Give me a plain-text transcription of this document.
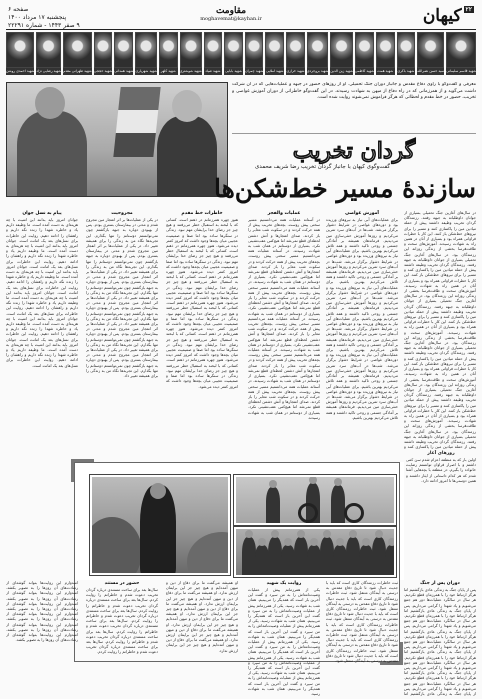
۲۲کیهان
مقاومت
moghavemat@kayhan.ir
صفحه ۶
پنجشنبه ۱۷ مرداد ۱۴۰۰
۹ صفر ۱۴۴۳ - شماره ۲۲۲۹۱
شهید قاسم سلیمانی
سید حسن نصرالله
شهید باکری
شهید همت
شهید کاظمی
شهید زین الدین
شهید بروجردی
شهید خرازی
شهید املایی
شهید چمران
شهید بابایی
شهید صیاد
شهید شوشتری
شهید کلهر
شهید شهریاری
شهید همدانی
شهید حججی
شهید طهرانی مقدم
شهید رضایی نژاد
شهید احمدی روشن
معرفی و گفت‌وگو با راوی دفاع مقدس و جانباز دوران جنگ تحمیلی. او از روزهای حضور در جبهه و عملیات‌هایی که در آن شرکت داشت می‌گوید و از همرزمانی که در راه دفاع از میهن به شهادت رسیدند. در این گفت‌وگو خاطراتی از دوران آموزش غواصی و تخریب، حضور در خط مقدم و لحظاتی که هرگز فراموش نمی‌شوند روایت شده است.
گردان تخریب
گفت‌وگوی کیهان با جانباز گردان تخریب رضا شریف محمدی
سازندهٔ مسیر خط‌شکن‌ها
در سال‌های آغازین جنگ تحمیلی بسیاری از جوانان داوطلبانه به جبهه رفتند. رزمندگان گردان تخریب وظیفه داشتند پیش از حمله میادین مین را پاکسازی کنند و مسیر را برای نیروهای خط‌شکن باز کنند. این کار با خطرات فراوانی همراه بود و بسیاری از آنان در همین راه به شهادت رسیدند. آموزش‌های سخت و طاقت‌فرسا بخشی از زندگی روزانه این رزمندگان بود. در سال‌های آغازین جنگ تحمیلی بسیاری از جوانان داوطلبانه به جبهه رفتند. رزمندگان گردان تخریب وظیفه داشتند پیش از حمله میادین مین را پاکسازی کنند و مسیر را برای نیروهای خط‌شکن باز کنند. این کار با خطرات فراوانی همراه بود و بسیاری از آنان در همین راه به شهادت رسیدند. آموزش‌های سخت و طاقت‌فرسا بخشی از زندگی روزانه این رزمندگان بود. در سال‌های آغازین جنگ تحمیلی بسیاری از جوانان داوطلبانه به جبهه رفتند. رزمندگان گردان تخریب وظیفه داشتند پیش از حمله میادین مین را پاکسازی کنند و مسیر را برای نیروهای خط‌شکن باز کنند. این کار با خطرات فراوانی همراه بود و بسیاری از آنان در همین راه به شهادت رسیدند. آموزش‌های سخت و طاقت‌فرسا بخشی از زندگی روزانه این رزمندگان بود. در سال‌های آغازین جنگ تحمیلی بسیاری از جوانان داوطلبانه به جبهه رفتند. رزمندگان گردان تخریب وظیفه داشتند پیش از حمله میادین مین را پاکسازی کنند و مسیر را برای نیروهای خط‌شکن باز کنند. این کار با خطرات فراوانی همراه بود و بسیاری از آنان در همین راه به شهادت رسیدند. آموزش‌های سخت و طاقت‌فرسا بخشی از زندگی روزانه این رزمندگان بود. در سال‌های آغازین جنگ تحمیلی بسیاری از جوانان داوطلبانه به جبهه رفتند. رزمندگان گردان تخریب وظیفه داشتند پیش از حمله میادین مین را پاکسازی کنند و مسیر را برای نیروهای خط‌شکن باز کنند. این کار با خطرات فراوانی همراه بود و بسیاری از آنان در همین راه به شهادت رسیدند. آموزش‌های سخت و طاقت‌فرسا بخشی از زندگی روزانه این رزمندگان بود. در سال‌های آغازین جنگ تحمیلی بسیاری از جوانان داوطلبانه به جبهه رفتند. رزمندگان گردان تخریب وظیفه داشتند پیش از حمله میادین مین را پاکسازی کنند و
آموزش غواصی
برای عملیات‌های آبی نیاز به نیروهای ورزیده بود و دوره‌های غواصی در شرایط دشوار برگزار می‌شد. شب‌ها در آب‌های سرد تمرین می‌کردیم و روزها آموزش خنثی‌سازی مین می‌دیدیم. فرماندهان همیشه بر آمادگی جسمی و روحی تاکید داشتند و همه تلاش می‌کردیم بهترین باشیم. برای عملیات‌های آبی نیاز به نیروهای ورزیده بود و دوره‌های غواصی در شرایط دشوار برگزار می‌شد. شب‌ها در آب‌های سرد تمرین می‌کردیم و روزها آموزش خنثی‌سازی مین می‌دیدیم. فرماندهان همیشه بر آمادگی جسمی و روحی تاکید داشتند و همه تلاش می‌کردیم بهترین باشیم. برای عملیات‌های آبی نیاز به نیروهای ورزیده بود و دوره‌های غواصی در شرایط دشوار برگزار می‌شد. شب‌ها در آب‌های سرد تمرین می‌کردیم و روزها آموزش خنثی‌سازی مین می‌دیدیم. فرماندهان همیشه بر آمادگی جسمی و روحی تاکید داشتند و همه تلاش می‌کردیم بهترین باشیم. برای عملیات‌های آبی نیاز به نیروهای ورزیده بود و دوره‌های غواصی در شرایط دشوار برگزار می‌شد. شب‌ها در آب‌های سرد تمرین می‌کردیم و روزها آموزش خنثی‌سازی مین می‌دیدیم. فرماندهان همیشه بر آمادگی جسمی و روحی تاکید داشتند و همه تلاش می‌کردیم بهترین باشیم. برای عملیات‌های آبی نیاز به نیروهای ورزیده بود و دوره‌های غواصی در شرایط دشوار برگزار می‌شد. شب‌ها در آب‌های سرد تمرین می‌کردیم و روزها آموزش خنثی‌سازی مین می‌دیدیم. فرماندهان همیشه بر آمادگی جسمی و روحی تاکید داشتند و همه تلاش می‌کردیم بهترین باشیم. برای عملیات‌های آبی نیاز به نیروهای ورزیده بود و دوره‌های غواصی در شرایط دشوار برگزار می‌شد. شب‌ها در آب‌های سرد تمرین می‌کردیم و روزها آموزش خنثی‌سازی مین می‌دیدیم. فرماندهان همیشه بر آمادگی جسمی و روحی تاکید داشتند و همه تلاش می‌کردیم بهترین باشیم.
عملیات والفجر
در آستانه عملیات همه می‌دانستیم مسیر سختی پیش روست. بچه‌های تخریب پیش از همه حرکت کردند و در سکوت شب معابر را باز کردند. صدای انفجارها و آتش دشمن لحظه‌ای قطع نمی‌شد اما هیچ‌کس عقب‌نشینی نکرد. بسیاری از دوستانم در همان شب به شهادت رسیدند. در آستانه عملیات همه می‌دانستیم مسیر سختی پیش روست. بچه‌های تخریب پیش از همه حرکت کردند و در سکوت شب معابر را باز کردند. صدای انفجارها و آتش دشمن لحظه‌ای قطع نمی‌شد اما هیچ‌کس عقب‌نشینی نکرد. بسیاری از دوستانم در همان شب به شهادت رسیدند. در آستانه عملیات همه می‌دانستیم مسیر سختی پیش روست. بچه‌های تخریب پیش از همه حرکت کردند و در سکوت شب معابر را باز کردند. صدای انفجارها و آتش دشمن لحظه‌ای قطع نمی‌شد اما هیچ‌کس عقب‌نشینی نکرد. بسیاری از دوستانم در همان شب به شهادت رسیدند. در آستانه عملیات همه می‌دانستیم مسیر سختی پیش روست. بچه‌های تخریب پیش از همه حرکت کردند و در سکوت شب معابر را باز کردند. صدای انفجارها و آتش دشمن لحظه‌ای قطع نمی‌شد اما هیچ‌کس عقب‌نشینی نکرد. بسیاری از دوستانم در همان شب به شهادت رسیدند. در آستانه عملیات همه می‌دانستیم مسیر سختی پیش روست. بچه‌های تخریب پیش از همه حرکت کردند و در سکوت شب معابر را باز کردند. صدای انفجارها و آتش دشمن لحظه‌ای قطع نمی‌شد اما هیچ‌کس عقب‌نشینی نکرد. بسیاری از دوستانم در همان شب به شهادت رسیدند. در آستانه عملیات همه می‌دانستیم مسیر سختی پیش روست. بچه‌های تخریب پیش از همه حرکت کردند و در سکوت شب معابر را باز کردند. صدای انفجارها و آتش دشمن لحظه‌ای قطع نمی‌شد اما هیچ‌کس عقب‌نشینی نکرد. بسیاری از دوستانم در همان شب به شهادت رسیدند.
خاطرات خط مقدم
هنوز چهره همرزمانم در ذهنم است. کسانی که با لبخند به استقبال خطر می‌رفتند و هیچ چیز جز رضای خدا برایشان مهم نبود. زندگی در سنگرها ساده بود اما صفا و صمیمیت عجیبی میان بچه‌ها وجود داشت که امروز کمتر دیده می‌شود. هنوز چهره همرزمانم در ذهنم است. کسانی که با لبخند به استقبال خطر می‌رفتند و هیچ چیز جز رضای خدا برایشان مهم نبود. زندگی در سنگرها ساده بود اما صفا و صمیمیت عجیبی میان بچه‌ها وجود داشت که امروز کمتر دیده می‌شود. هنوز چهره همرزمانم در ذهنم است. کسانی که با لبخند به استقبال خطر می‌رفتند و هیچ چیز جز رضای خدا برایشان مهم نبود. زندگی در سنگرها ساده بود اما صفا و صمیمیت عجیبی میان بچه‌ها وجود داشت که امروز کمتر دیده می‌شود. هنوز چهره همرزمانم در ذهنم است. کسانی که با لبخند به استقبال خطر می‌رفتند و هیچ چیز جز رضای خدا برایشان مهم نبود. زندگی در سنگرها ساده بود اما صفا و صمیمیت عجیبی میان بچه‌ها وجود داشت که امروز کمتر دیده می‌شود. هنوز چهره همرزمانم در ذهنم است. کسانی که با لبخند به استقبال خطر می‌رفتند و هیچ چیز جز رضای خدا برایشان مهم نبود. زندگی در سنگرها ساده بود اما صفا و صمیمیت عجیبی میان بچه‌ها وجود داشت که امروز کمتر دیده می‌شود. هنوز چهره همرزمانم در ذهنم است. کسانی که با لبخند به استقبال خطر می‌رفتند و هیچ چیز جز رضای خدا برایشان مهم نبود. زندگی در سنگرها ساده بود اما صفا و صمیمیت عجیبی میان بچه‌ها وجود داشت که امروز کمتر دیده می‌شود.
مجروحیت
در یکی از عملیات‌ها بر اثر انفجار مین مجروح شدم و مدتی در بیمارستان بستری بودم. پس از بهبودی دوباره به جبهه بازگشتم چون نمی‌توانستم دوستانم را تنها بگذارم. این تجربه‌ها نگاه من به زندگی را برای همیشه تغییر داد. در یکی از عملیات‌ها بر اثر انفجار مین مجروح شدم و مدتی در بیمارستان بستری بودم. پس از بهبودی دوباره به جبهه بازگشتم چون نمی‌توانستم دوستانم را تنها بگذارم. این تجربه‌ها نگاه من به زندگی را برای همیشه تغییر داد. در یکی از عملیات‌ها بر اثر انفجار مین مجروح شدم و مدتی در بیمارستان بستری بودم. پس از بهبودی دوباره به جبهه بازگشتم چون نمی‌توانستم دوستانم را تنها بگذارم. این تجربه‌ها نگاه من به زندگی را برای همیشه تغییر داد. در یکی از عملیات‌ها بر اثر انفجار مین مجروح شدم و مدتی در بیمارستان بستری بودم. پس از بهبودی دوباره به جبهه بازگشتم چون نمی‌توانستم دوستانم را تنها بگذارم. این تجربه‌ها نگاه من به زندگی را برای همیشه تغییر داد. در یکی از عملیات‌ها بر اثر انفجار مین مجروح شدم و مدتی در بیمارستان بستری بودم. پس از بهبودی دوباره به جبهه بازگشتم چون نمی‌توانستم دوستانم را تنها بگذارم. این تجربه‌ها نگاه من به زندگی را برای همیشه تغییر داد. در یکی از عملیات‌ها بر اثر انفجار مین مجروح شدم و مدتی در بیمارستان بستری بودم. پس از بهبودی دوباره به جبهه بازگشتم چون نمی‌توانستم دوستانم را تنها بگذارم. این تجربه‌ها نگاه من به زندگی را برای همیشه تغییر داد.
پیام به نسل جوان
جوانان امروز باید بدانند این امنیت با چه هزینه‌ای به دست آمده است. ما وظیفه داریم یاد و خاطره شهدا را زنده نگه داریم و راهشان را ادامه دهیم. روایت این خاطرات برای نسل‌های بعد یک امانت است. جوانان امروز باید بدانند این امنیت با چه هزینه‌ای به دست آمده است. ما وظیفه داریم یاد و خاطره شهدا را زنده نگه داریم و راهشان را ادامه دهیم. روایت این خاطرات برای نسل‌های بعد یک امانت است. جوانان امروز باید بدانند این امنیت با چه هزینه‌ای به دست آمده است. ما وظیفه داریم یاد و خاطره شهدا را زنده نگه داریم و راهشان را ادامه دهیم. روایت این خاطرات برای نسل‌های بعد یک امانت است. جوانان امروز باید بدانند این امنیت با چه هزینه‌ای به دست آمده است. ما وظیفه داریم یاد و خاطره شهدا را زنده نگه داریم و راهشان را ادامه دهیم. روایت این خاطرات برای نسل‌های بعد یک امانت است. جوانان امروز باید بدانند این امنیت با چه هزینه‌ای به دست آمده است. ما وظیفه داریم یاد و خاطره شهدا را زنده نگه داریم و راهشان را ادامه دهیم. روایت این خاطرات برای نسل‌های بعد یک امانت است. جوانان امروز باید بدانند این امنیت با چه هزینه‌ای به دست آمده است. ما وظیفه داریم یاد و خاطره شهدا را زنده نگه داریم و راهشان را ادامه دهیم. روایت این خاطرات برای نسل‌های بعد یک امانت است.
روزهای آغاز
اولین بار که به منطقه اعزام شدم سن کمی داشتم و با اصرار فراوان توانستم رضایت خانواده را بگیرم. در منطقه با بچه‌هایی آشنا شدم که هر کدام داستانی از ایثار داشتند و همین دوستی‌ها تا امروز ادامه دارد.
دوران پس از جنگ
پس از پایان جنگ به زندگی عادی بازگشتیم اما هرگز ارتباط خود را با همرزمان قطع نکردیم. هر سال در سالگرد عملیات‌ها دور هم جمع می‌شویم و یاد شهدا را گرامی می‌داریم. پس از پایان جنگ به زندگی عادی بازگشتیم اما هرگز ارتباط خود را با همرزمان قطع نکردیم. هر سال در سالگرد عملیات‌ها دور هم جمع می‌شویم و یاد شهدا را گرامی می‌داریم. پس از پایان جنگ به زندگی عادی بازگشتیم اما هرگز ارتباط خود را با همرزمان قطع نکردیم. هر سال در سالگرد عملیات‌ها دور هم جمع می‌شویم و یاد شهدا را گرامی می‌داریم. پس از پایان جنگ به زندگی عادی بازگشتیم اما هرگز ارتباط خود را با همرزمان قطع نکردیم. هر سال در سالگرد عملیات‌ها دور هم جمع می‌شویم و یاد شهدا را گرامی می‌داریم. پس از پایان جنگ به زندگی عادی بازگشتیم اما هرگز ارتباط خود را با همرزمان قطع نکردیم. هر سال در سالگرد عملیات‌ها دور هم جمع می‌شویم و یاد شهدا را گرامی می‌داریم. پس از پایان جنگ به زندگی عادی بازگشتیم اما
ثبت خاطرات رزمندگان کاری است که باید با جدیت دنبال شود تا تاریخ دفاع مقدس به درستی به آیندگان منتقل شود. ثبت خاطرات رزمندگان کاری است که باید با جدیت دنبال شود تا تاریخ دفاع مقدس به درستی به آیندگان منتقل شود. ثبت خاطرات رزمندگان کاری است که باید با جدیت دنبال شود تا تاریخ دفاع مقدس به درستی به آیندگان منتقل شود. ثبت خاطرات رزمندگان کاری است که باید با جدیت دنبال شود تا تاریخ دفاع مقدس به درستی به آیندگان منتقل شود. ثبت خاطرات رزمندگان کاری است که باید با جدیت دنبال شود تا تاریخ دفاع مقدس به درستی به آیندگان منتقل شود. ثبت خاطرات رزمندگان کاری است که باید با جدیت دنبال شود تا تاریخ دفاع مقدس به درستی به آیندگان منتقل شود.
روایت یک شهید
یکی از همرزمانم پیش از عملیات وصیت‌نامه‌اش را به من سپرد و گفت این آخرین بار است که همدیگر را می‌بینیم. همان شب به شهادت رسید. یکی از همرزمانم پیش از عملیات وصیت‌نامه‌اش را به من سپرد و گفت این آخرین بار است که همدیگر را می‌بینیم. همان شب به شهادت رسید. یکی از همرزمانم پیش از عملیات وصیت‌نامه‌اش را به من سپرد و گفت این آخرین بار است که همدیگر را می‌بینیم. همان شب به شهادت رسید. یکی از همرزمانم پیش از عملیات وصیت‌نامه‌اش را به من سپرد و گفت این آخرین بار است که همدیگر را می‌بینیم. همان شب به شهادت رسید. یکی از همرزمانم پیش از عملیات وصیت‌نامه‌اش را به من سپرد و گفت این آخرین بار است که همدیگر را می‌بینیم. همان شب به شهادت رسید. یکی از همرزمانم پیش از عملیات وصیت‌نامه‌اش را به من سپرد و گفت این آخرین بار است که همدیگر را می‌بینیم. همان شب به شهادت رسید.
او همیشه می‌گفت ما برای دفاع از دین و میهن آمده‌ایم و هیچ چیز جز این برایمان ارزش ندارد. او همیشه می‌گفت ما برای دفاع از دین و میهن آمده‌ایم و هیچ چیز جز این برایمان ارزش ندارد. او همیشه می‌گفت ما برای دفاع از دین و میهن آمده‌ایم و هیچ چیز جز این برایمان ارزش ندارد. او همیشه می‌گفت ما برای دفاع از دین و میهن آمده‌ایم و هیچ چیز جز این برایمان ارزش ندارد. او همیشه می‌گفت ما برای دفاع از دین و میهن آمده‌ایم و هیچ چیز جز این برایمان ارزش ندارد. او همیشه می‌گفت ما برای دفاع از دین و میهن آمده‌ایم و هیچ چیز جز این برایمان ارزش ندارد.
حضور در مستند
سال‌ها بعد برای ساخت مستندی درباره گردان تخریب دعوت شدم و خاطراتم را روایت کردم. سال‌ها بعد برای ساخت مستندی درباره گردان تخریب دعوت شدم و خاطراتم را روایت کردم. سال‌ها بعد برای ساخت مستندی درباره گردان تخریب دعوت شدم و خاطراتم را روایت کردم. سال‌ها بعد برای ساخت مستندی درباره گردان تخریب دعوت شدم و خاطراتم را روایت کردم. سال‌ها بعد برای ساخت مستندی درباره گردان تخریب دعوت شدم و خاطراتم را روایت کردم. سال‌ها بعد برای ساخت مستندی درباره گردان تخریب دعوت شدم و خاطراتم را روایت کردم.
امیدوارم این روایت‌ها بتواند گوشه‌ای از رشادت‌های آن روزها را به تصویر بکشد. امیدوارم این روایت‌ها بتواند گوشه‌ای از رشادت‌های آن روزها را به تصویر بکشد. امیدوارم این روایت‌ها بتواند گوشه‌ای از رشادت‌های آن روزها را به تصویر بکشد. امیدوارم این روایت‌ها بتواند گوشه‌ای از رشادت‌های آن روزها را به تصویر بکشد. امیدوارم این روایت‌ها بتواند گوشه‌ای از رشادت‌های آن روزها را به تصویر بکشد. امیدوارم این روایت‌ها بتواند گوشه‌ای از رشادت‌های آن روزها را به تصویر بکشد.
